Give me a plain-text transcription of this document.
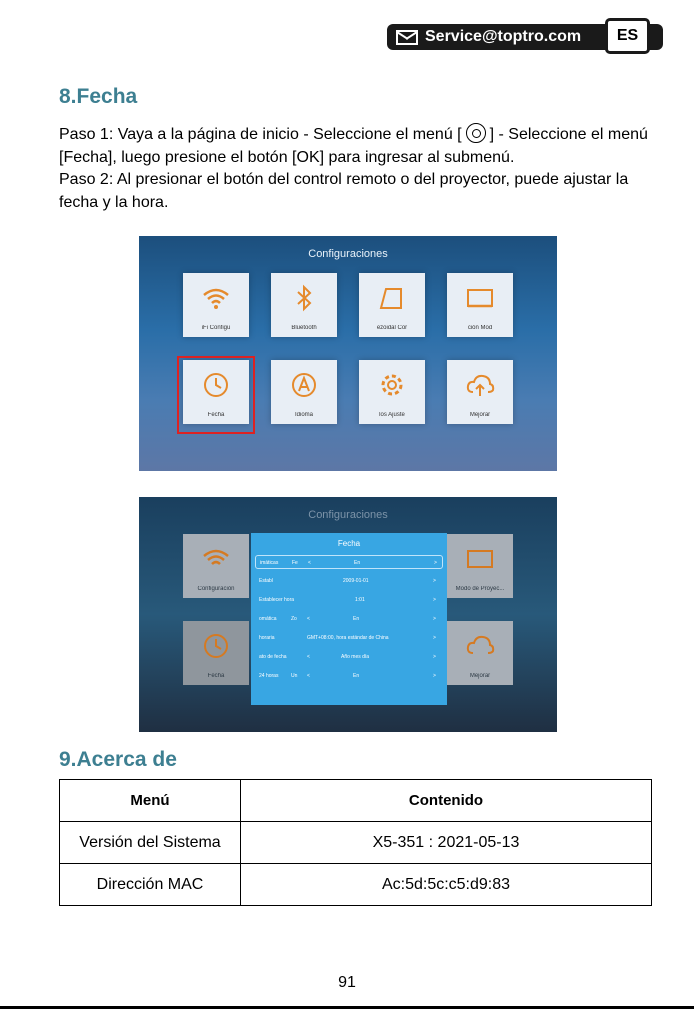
Service@toptro.com	ES
8.Fecha
Paso 1: Vaya a la página de inicio - Seleccione el menú [ ] - Seleccione el menú [Fecha], luego presione el botón [OK] para ingresar al submenú.
Paso 2: Al presionar el botón del control remoto o del proyector, puede ajustar la fecha y la hora.
Configuraciones
iFi Configu	Bluetooth	ezoidal Cor	ción Mod
Fecha	Idioma	los Ajuste	Mejorar
Configuraciones
Configuración	Modo de Proyec...
Fecha	Mejorar
Fecha
imáticas	Fe <	En	>
Establ	2009-01-01	>
Establecer hora	1:01	>
omática	Zo <	En	>
horaria	GMT+08:00, hora estándar de China	>
ato de fecha	<	Año mes día	>
24 horas	Un <	En	>
9.Acerca de
Menú	Contenido
Versión del Sistema	X5-351 : 2021-05-13
Dirección MAC	Ac:5d:5c:c5:d9:83
91
